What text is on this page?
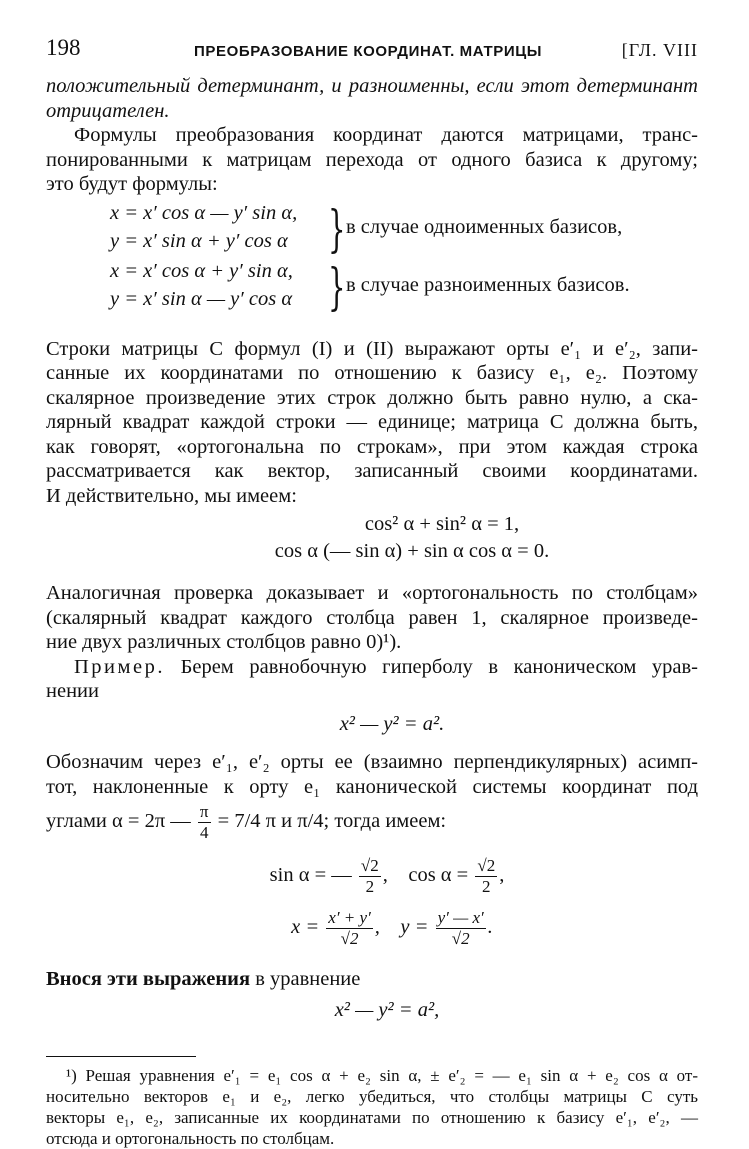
198	ПРЕОБРАЗОВАНИЕ КООРДИНАТ. МАТРИЦЫ	[ГЛ. VIII
положительный детерминант, и разноименны, если этот детерминант
отрицателен.
Формулы преобразования координат даются матрицами, транс-
понированными к матрицам перехода от одного базиса к другому;
это будут формулы:
x = x′ cos α — y′ sin α,
y = x′ sin α + y′ cos α } в случае одноименных базисов,
x = x′ cos α + y′ sin α,
y = x′ sin α — y′ cos α } в случае разноименных базисов.
Строки матрицы C формул (I) и (II) выражают орты e′₁ и e′₂, запи-
санные их координатами по отношению к базису e₁, e₂. Поэтому
скалярное произведение этих строк должно быть равно нулю, а ска-
лярный квадрат каждой строки — единице; матрица C должна быть,
как говорят, «ортогональна по строкам», при этом каждая строка
рассматривается как вектор, записанный своими координатами.
И действительно, мы имеем:
cos² α + sin² α = 1,
cos α (— sin α) + sin α cos α = 0.
Аналогичная проверка доказывает и «ортогональность по столбцам»
(скалярный квадрат каждого столбца равен 1, скалярное произведе-
ние двух различных столбцов равно 0)¹).
Пример. Берем равнобочную гиперболу в каноническом урав-
нении
x² — y² = a².
Обозначим через e′₁, e′₂ орты ее (взаимно перпендикулярных) асимп-
тот, наклоненные к орту e₁ канонической системы координат под
углами α = 2π — $\frac{\pi}{4} = 7/4$ π и π/4; тогда имеем:
sin α = — $\frac{√2}{2}$ ,    $\cos \alpha = \frac{√2}{2}$ ,
$x = \frac{x' + y'}{√2}$ ,    $y = \frac{y' — x'}{√2}$ .
Внося эти выражения в уравнение
x² — y² = a²,
¹) Решая уравнения e′₁ = e₁ cos α + e₂ sin α, ± e′₂ = — e₁ sin α + e₂ cos α от-
носительно векторов e₁ и e₂, легко убедиться, что столбцы матрицы C суть
векторы e₁, e₂, записанные их координатами по отношению к базису e′₁, e′₂, —
отсюда и ортогональность по столбцам.
